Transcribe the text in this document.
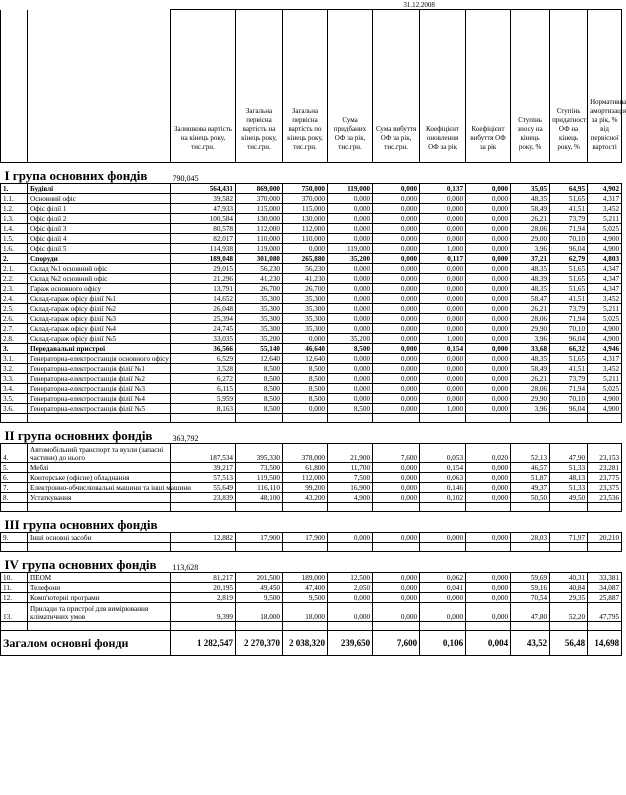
						31.12.2008					
		Залишкова вартість на кінець року, тис.грн.	Загальна первісна вартість на кінець року, тис.грн.	Загальна первісна вартість по кінець року, тис.грн.	Сума придбаних ОФ за рік, тис.грн.	Сума вибуття ОФ за рік, тис.грн.	Коефіцієнт оновлення ОФ за рік	Коефіцієнт вибуття ОФ за рік	Ступінь зносу на кінець року, %	Ступінь придатності ОФ на кінець року, %	Нормативна амортизація за рік, % від первісної вартості
І група основних фондів		790,045									
1.	Будівлі	564,431	869,000	750,000	119,000	0,000	0,137	0,000	35,05	64,95	4,902
1.1.	Основний офіс	39,582	370,000	370,000	0,000	0,000	0,000	0,000	48,35	51,65	4,317
1.2.	Офіс філії 1	47,933	115,000	115,000	0,000	0,000	0,000	0,000	58,49	41,51	3,452
1.3.	Офіс філії 2	100,584	130,000	130,000	0,000	0,000	0,000	0,000	26,21	73,79	5,211
1.4.	Офіс філії 3	80,578	112,000	112,000	0,000	0,000	0,000	0,000	28,06	71,94	5,025
1.5.	Офіс філії 4	82,017	110,000	110,000	0,000	0,000	0,000	0,000	29,00	70,10	4,900
1.6.	Офіс філії 5	114,938	119,000	0,000	119,000	0,000	1,000	0,000	3,96	96,04	4,900
2.	Споруди	189,048	301,080	265,880	35,200	0,000	0,117	0,000	37,21	62,79	4,803
2.1.	Склад №1 основний офіс	29,015	56,230	56,230	0,000	0,000	0,000	0,000	48,35	51,65	4,347
2.2.	Склад №2 основний офіс	21,296	41,230	41,230	0,000	0,000	0,000	0,000	48,39	51,65	4,347
2.3.	Гараж основного офісу	13,791	26,700	26,700	0,000	0,000	0,000	0,000	48,35	51,65	4,347
2.4.	Склад-гараж офісу філії №1	14,652	35,300	35,300	0,000	0,000	0,000	0,000	58,47	41,51	3,452
2.5.	Склад-гараж офісу філії №2	26,048	35,300	35,300	0,000	0,000	0,000	0,000	26,21	73,79	5,211
2.6.	Склад-гараж офісу філії №3	25,394	35,300	35,300	0,000	0,000	0,000	0,000	28,06	71,94	5,025
2.7.	Склад-гараж офісу філії №4	24,745	35,300	35,300	0,000	0,000	0,000	0,000	29,90	70,10	4,900
2.8.	Склад-гараж офісу філії №5	33,035	35,200	0,000	35,200	0,000	1,000	0,000	3,96	96,04	4,900
3.	Передавальні пристрої	36,566	55,140	46,640	8,500	0,000	0,154	0,000	33,68	66,32	4,946
3.1.	Генераторна-електростанція основного офісу	6,529	12,640	12,640	0,000	0,000	0,000	0,000	48,35	51,65	4,317
3.2.	Генераторна-електростанція філії №1	3,528	8,500	8,500	0,000	0,000	0,000	0,000	58,49	41,51	3,452
3.3.	Генераторна-електростанція філії №2	6,272	8,500	8,500	0,000	0,000	0,000	0,000	26,21	73,79	5,211
3.4.	Генераторна-електростанція філії №3	6,115	8,500	8,500	0,000	0,000	0,000	0,000	28,06	71,94	5,025
3.5.	Генераторна-електростанція філії №4	5,959	8,500	8,500	0,000	0,000	0,000	0,000	29,90	70,10	4,900
3.6.	Генераторна-електростанція філії №5	8,163	8,500	0,000	8,500	0,000	1,000	0,000	3,96	96,04	4,900

ІІ група основних фондів		363,792									
4.	Автомобільний транспорт та вузли (запасні частини) до нього	187,534	395,330	378,000	21,900	7,600	0,053	0,020	52,13	47,90	23,153
5.	Меблі	39,217	73,500	61,800	11,700	0,000	0,154	0,000	46,57	51,33	23,281
6.	Конторське (офісне) обладнання	57,513	119,500	112,000	7,500	0,000	0,063	0,000	51,87	48,13	23,775
7.	Електронно-обчислювальні машини та інші машини	55,649	116,110	99,200	16,900	0,000	0,146	0,000	49,37	51,33	23,375
8.	Устаткування	23,839	48,100	43,200	4,900	0,000	0,102	0,000	50,50	49,50	23,536

ІІІ група основних фондів											
9.	Інші основні засоби	12,882	17,900	17,900	0,000	0,000	0,000	0,000	28,03	71,97	20,210

ІV група основних фондів		113,628									
10.	ПЕОМ	81,217	201,500	189,000	12,500	0,000	0,062	0,000	59,69	40,31	33,381
11.	Телефони	20,195	49,450	47,400	2,050	0,000	0,041	0,000	59,16	40,84	34,087
12.	Комп'ютерні програми	2,819	9,500	9,500	0,000	0,000	0,000	0,000	70,54	29,35	25,887
13.	Прилади та пристрої для вимірювання кліматичних умов	9,399	18,000	18,000	0,000	0,000	0,000	0,000	47,80	52,20	47,795

Загалом основні фонди		1 282,547	2 270,370	2 038,320	239,650	7,600	0,106	0,004	43,52	56,48	14,698
